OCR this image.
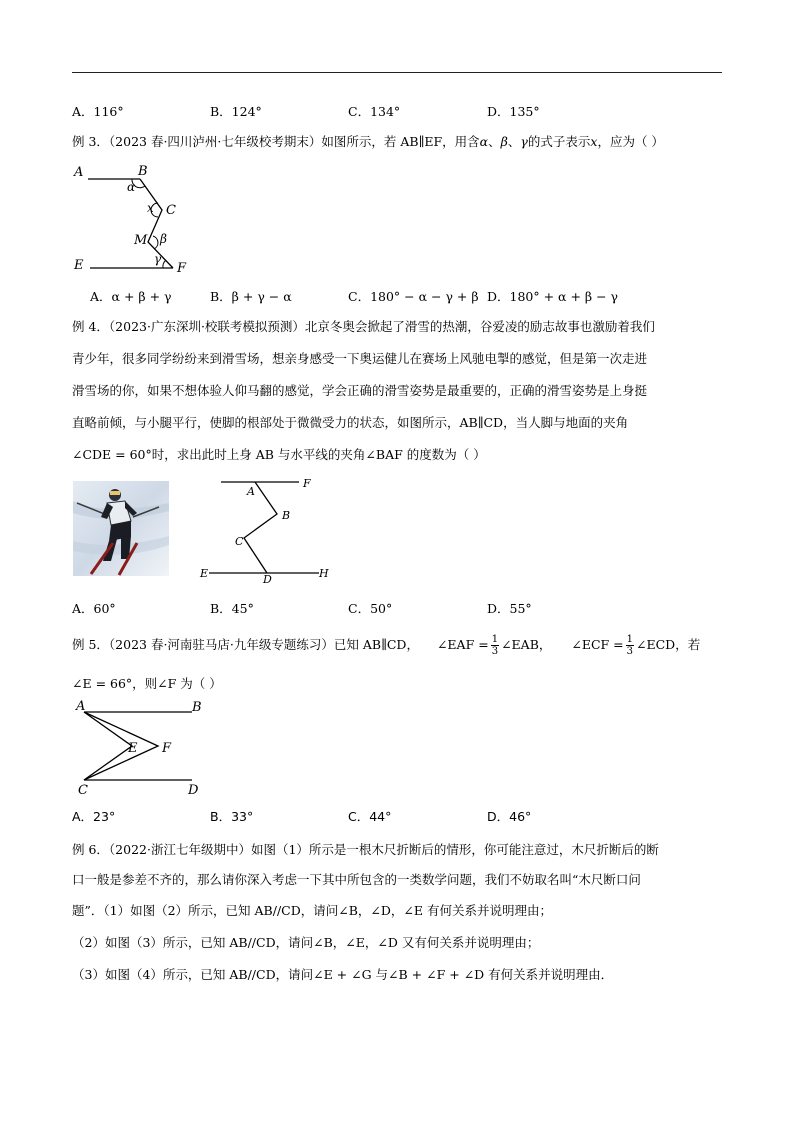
A．116°	B．124°	C．134°	D．135°
例 3．（2023 春·四川泸州·七年级校考期末）如图所示，若 AB∥EF，用含α、β、γ的式子表示x，应为（ ）
A	B
α
x C
M β
γ
E	F
A．α + β + γ	B．β + γ − α	C．180° − α − γ + β D．180° + α + β − γ
例 4．（2023·广东深圳·校联考模拟预测）北京冬奥会掀起了滑雪的热潮，谷爱凌的励志故事也激励着我们
青少年，很多同学纷纷来到滑雪场，想亲身感受一下奥运健儿在赛场上风驰电掣的感觉，但是第一次走进
滑雪场的你，如果不想体验人仰马翻的感觉，学会正确的滑雪姿势是最重要的，正确的滑雪姿势是上身挺
直略前倾，与小腿平行，使脚的根部处于微微受力的状态，如图所示，AB∥CD，当人脚与地面的夹角
∠CDE = 60°时，求出此时上身 AB 与水平线的夹角∠BAF 的度数为（ ）
A
F
B
C
E	D	H
A．60°	B．45°	C．50°	D．55°
例 5．（2023 春·河南驻马店·九年级专题练习）已知 AB∥CD， ∠EAF = $\frac{1}{3}$ ∠EAB， ∠ECF = $\frac{1}{3}$ ∠ECD，若
∠E = 66°，则∠F 为（ ）
A	B
E F
C	D
A．23°	B．33°	C．44°	D．46°
例 6．（2022·浙江七年级期中）如图（1）所示是一根木尺折断后的情形，你可能注意过，木尺折断后的断
口一般是参差不齐的，那么请你深入考虑一下其中所包含的一类数学问题，我们不妨取名叫“木尺断口问
题”．（1）如图（2）所示，已知 AB//CD，请问∠B，∠D，∠E 有何关系并说明理由；
（2）如图（3）所示，已知 AB//CD，请问∠B，∠E，∠D 又有何关系并说明理由；
（3）如图（4）所示，已知 AB//CD，请问∠E + ∠G 与∠B + ∠F + ∠D 有何关系并说明理由．
